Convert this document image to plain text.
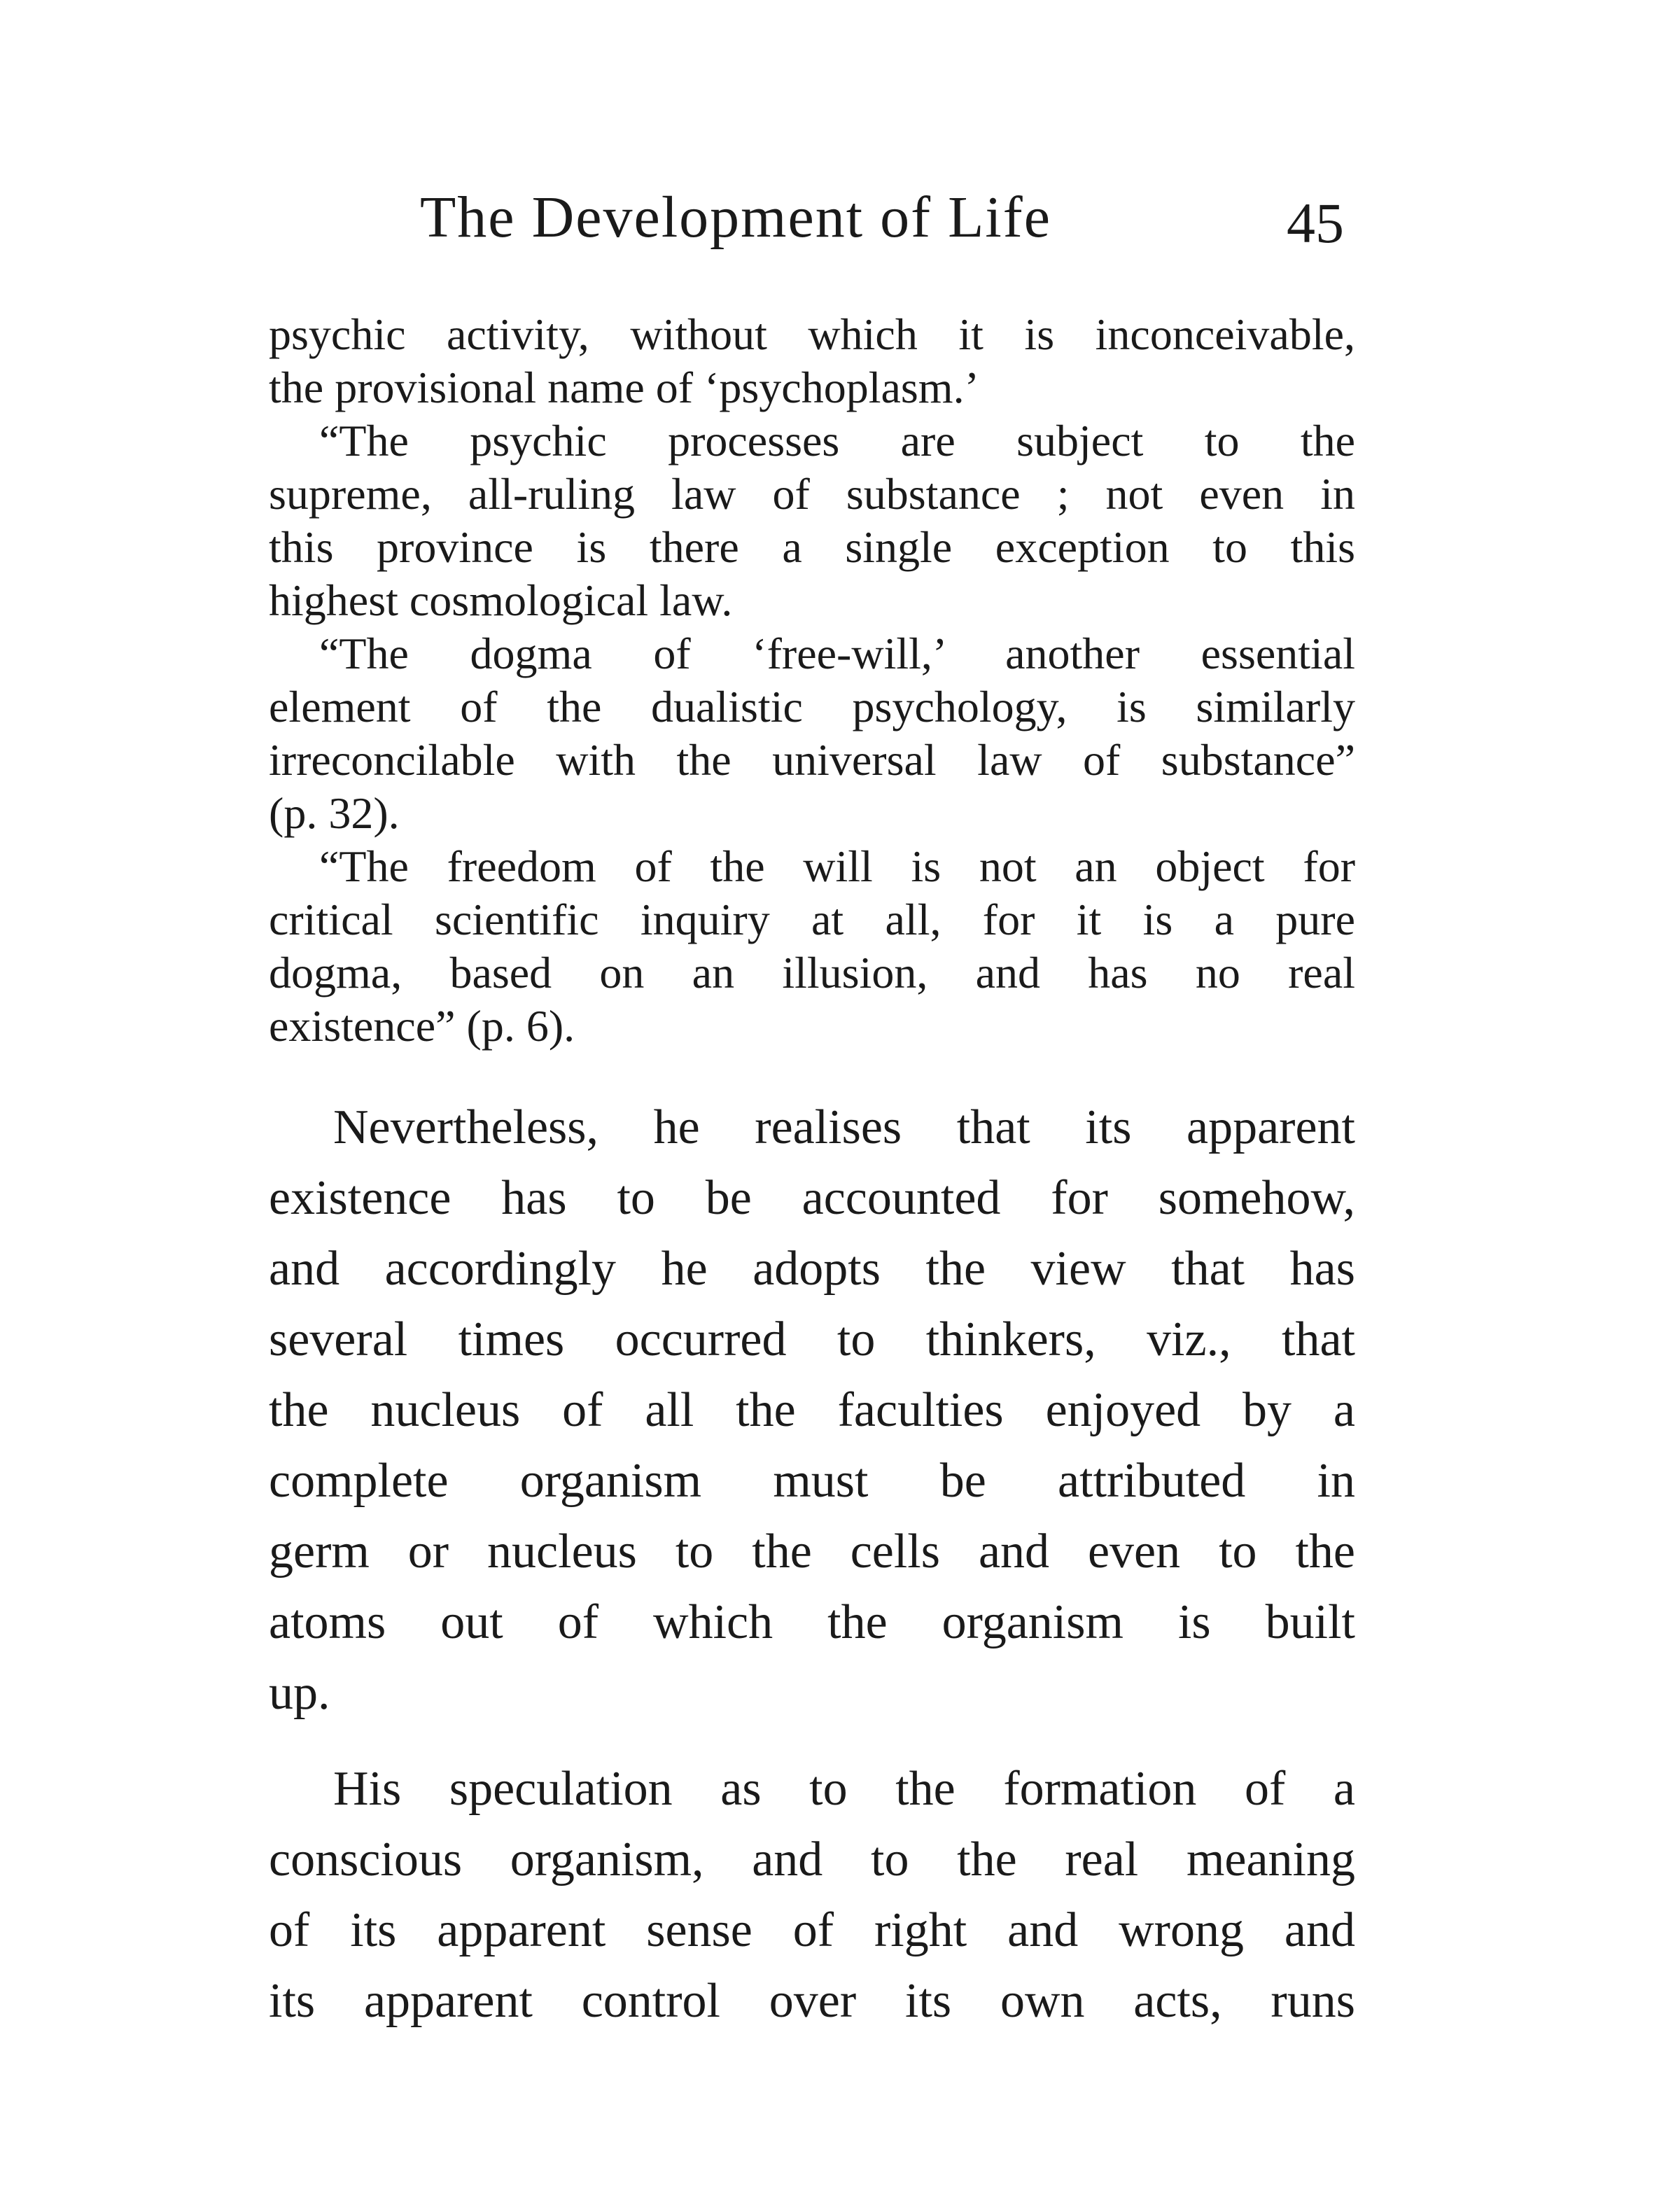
The Development of Life	45
psychic activity, without which it is inconceivable,
the provisional name of ‘psychoplasm.’
“The psychic processes are subject to the
supreme, all-ruling law of substance ; not even in
this province is there a single exception to this
highest cosmological law.
“The dogma of ‘free-will,’ another essential
element of the dualistic psychology, is similarly
irreconcilable with the universal law of substance”
(p. 32).
“The freedom of the will is not an object for
critical scientific inquiry at all, for it is a pure
dogma, based on an illusion, and has no real
existence” (p. 6).
Nevertheless, he realises that its apparent
existence has to be accounted for somehow,
and accordingly he adopts the view that has
several times occurred to thinkers, viz., that
the nucleus of all the faculties enjoyed by a
complete organism must be attributed in
germ or nucleus to the cells and even to the
atoms out of which the organism is built
up.
His speculation as to the formation of a
conscious organism, and to the real meaning
of its apparent sense of right and wrong and
its apparent control over its own acts, runs
